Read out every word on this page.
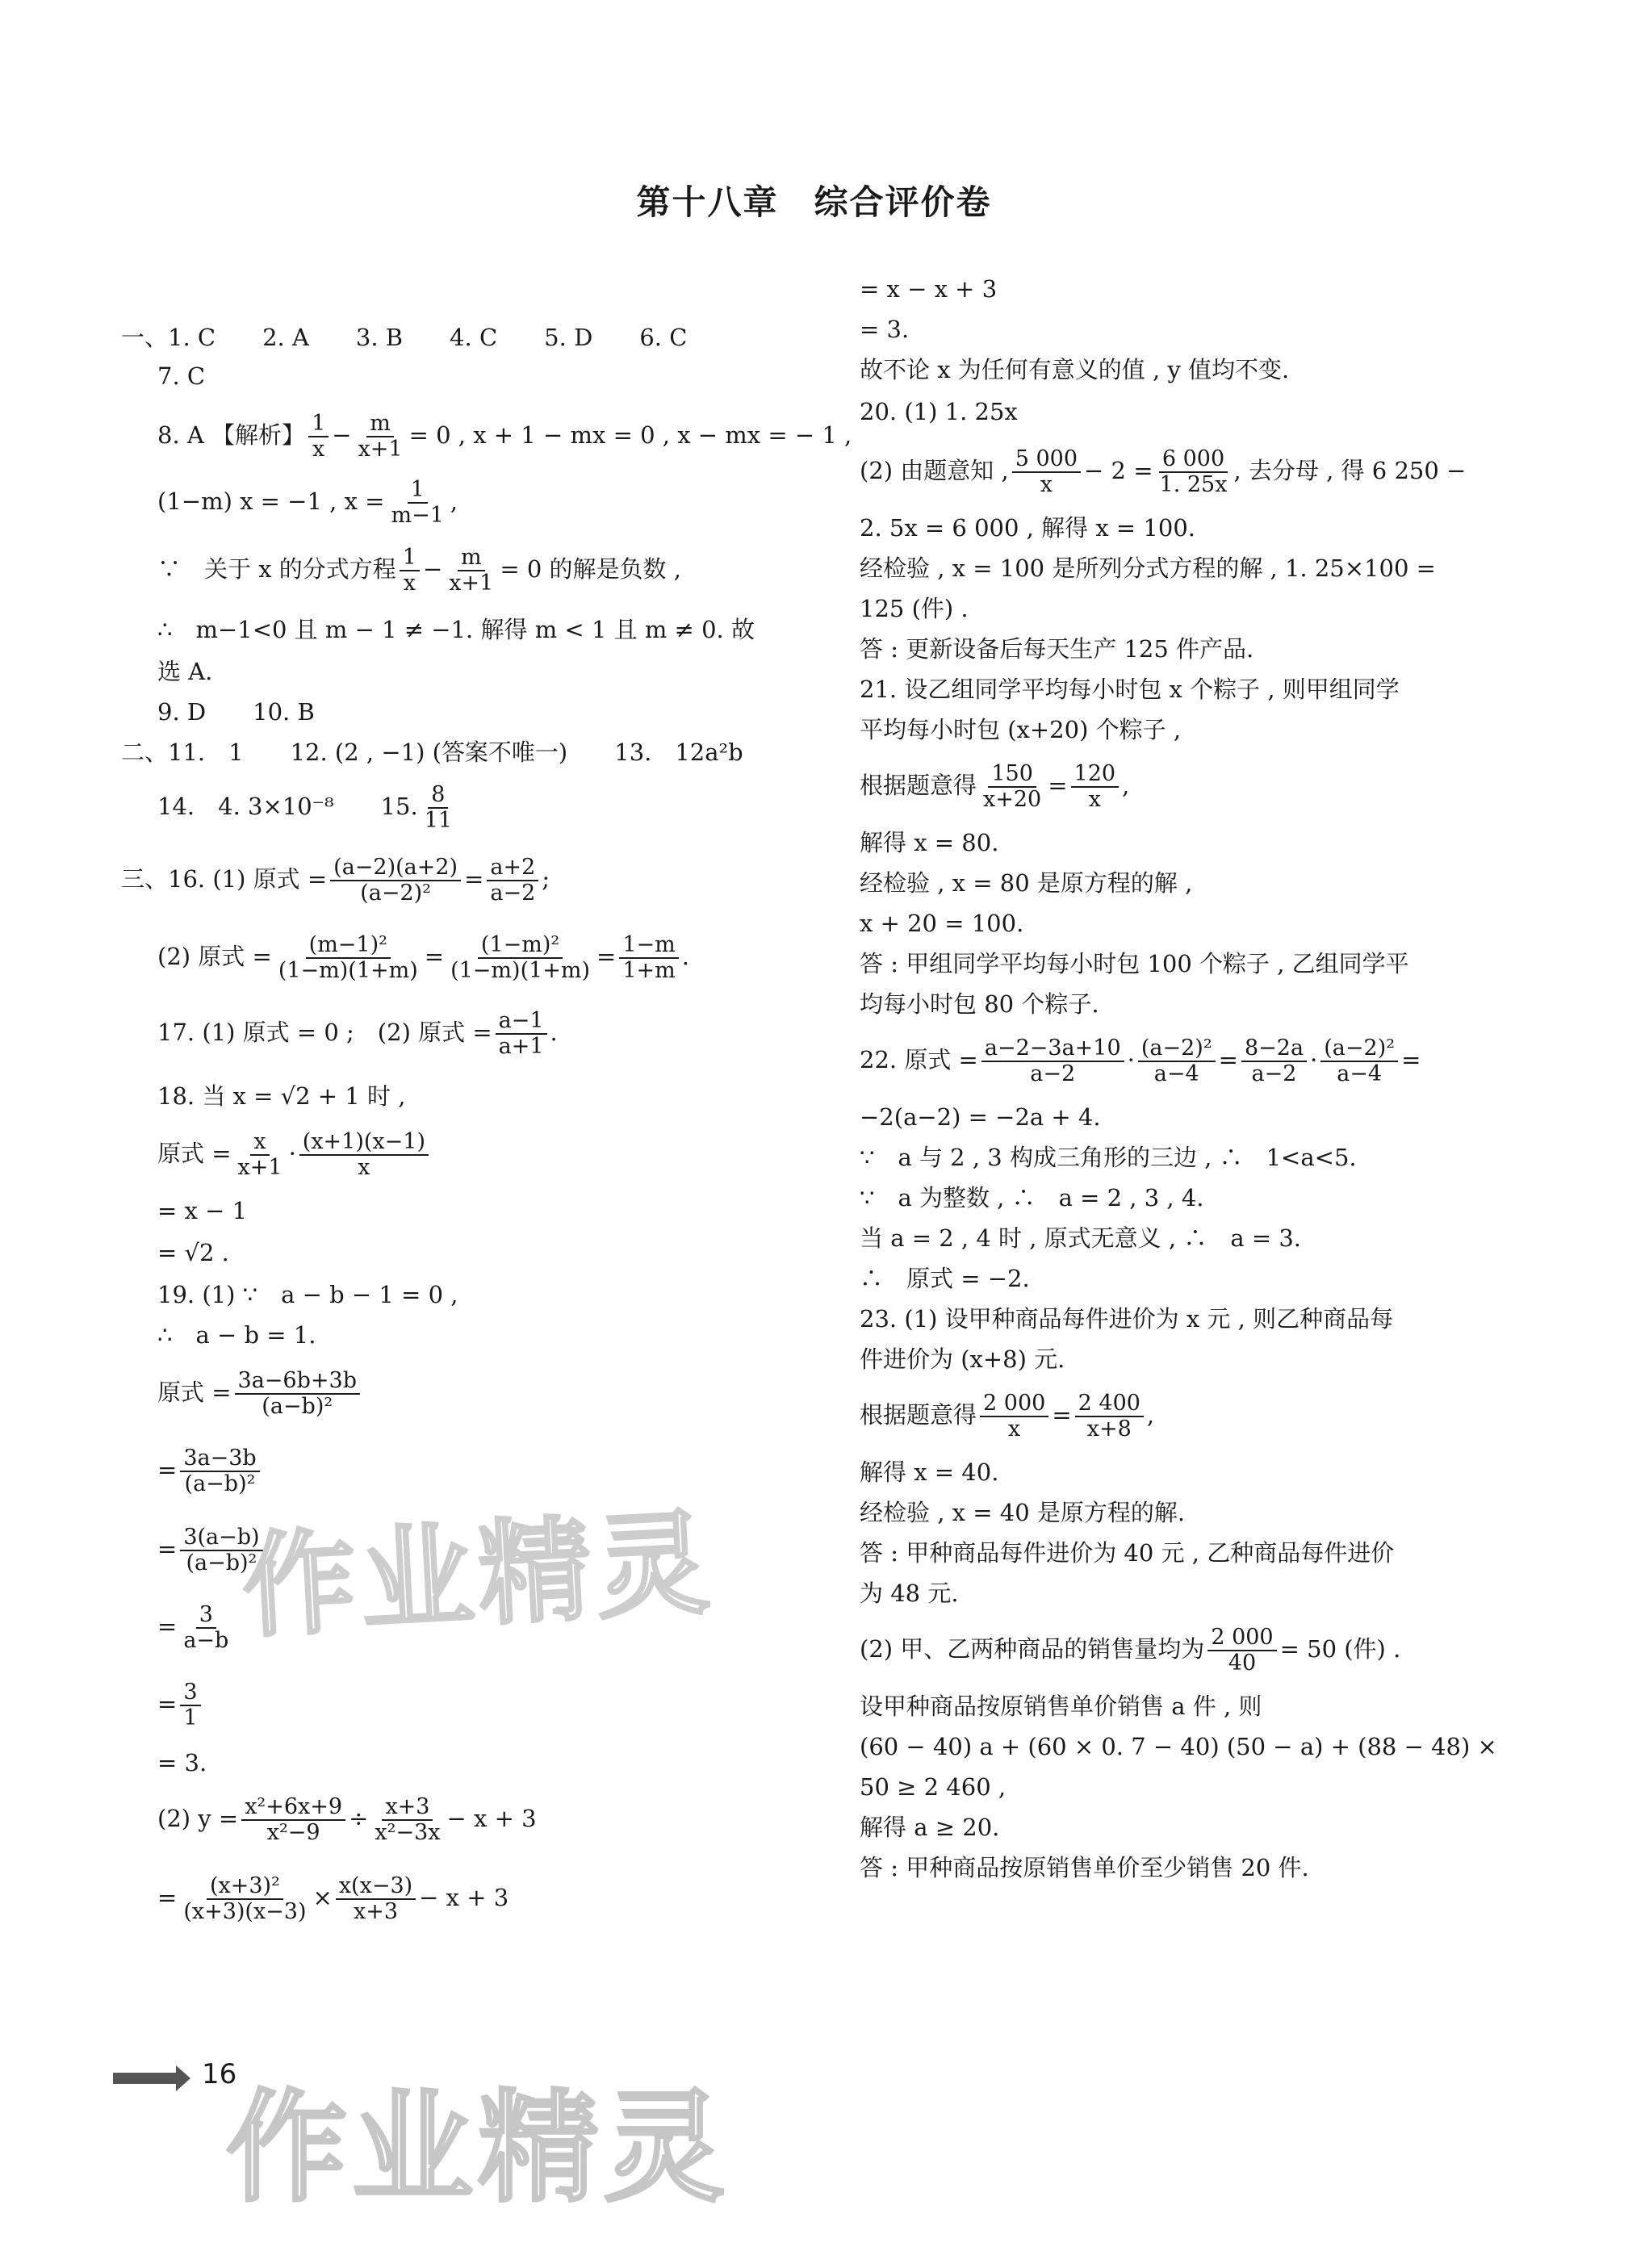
第十八章　综合评价卷
一、1. C　　2. A　　3. B　　4. C　　5. D　　6. C
7. C
8. A 【解析】 $\frac{1}{x} - \frac{m}{x+1} = 0$ , x + 1 − mx = 0 , x − mx = − 1 ,
(1−m) x = −1 , $x = \frac{1}{m-1}$ ,
∵　关于 x 的分式方程 $\frac{1}{x} - \frac{m}{x+1} = 0$ 的解是负数 ,
∴　m−1<0 且 m − 1 ≠ −1. 解得 m < 1 且 m ≠ 0. 故
选 A.
9. D　　10. B
二、11.　1　　12. (2 , −1) (答案不唯一)　　13.　12a²b
14.　4. 3×10⁻⁸　　15. $\frac{8}{11}$
三、16. (1) 原式 = $\frac{(a-2)(a+2)}{\text{(a−2)²}} = \frac{a+2}{a-2}$ ;
(2) 原式 = $\frac{\text{(m−1)²}}{(1-m)(1+m)} = \frac{\text{(1−m)²}}{(1-m)(1+m)} = \frac{1-m}{1+m}$ .
17. (1) 原式 = 0 ;　(2) 原式 = $\frac{a-1}{a+1}$ .
18. 当 x = √2 + 1 时 ,
原式 = $\frac{x}{x+1} \cdot \frac{(x+1)(x-1)}{x}$
= x − 1
= √2 .
19. (1) ∵　a − b − 1 = 0 ,
∴　a − b = 1.
原式 = $\frac{3a-6b+3b}{\text{(a−b)²}}$
= $\frac{3a-3b}{\text{(a−b)²}}$
= $\frac{3(a-b)}{\text{(a−b)²}}$
= $\frac{3}{a-b}$
= $\frac{3}{1}$
= 3.
(2) $y = \frac{\text{x²+6x+9}}{\text{x²−9}} \div \frac{x+3}{\text{x²−3x}} - x + 3$
= $\frac{\text{(x+3)²}}{(x+3)(x-3)} \times \frac{x(x-3)}{x+3} - x + 3$
= x − x + 3
= 3.
故不论 x 为任何有意义的值 , y 值均不变.
20. (1) 1. 25x
(2) 由题意知 , $\frac{5 000}{x} - 2 = \frac{6 000}{1. 25x}$ , 去分母 , 得 6 250 −
2. 5x = 6 000 , 解得 x = 100.
经检验 , x = 100 是所列分式方程的解 , 1. 25×100 =
125 (件) .
答 : 更新设备后每天生产 125 件产品.
21. 设乙组同学平均每小时包 x 个粽子 , 则甲组同学
平均每小时包 (x+20) 个粽子 ,
根据题意得 $\frac{150}{x+20} = \frac{120}{x}$ ,
解得 x = 80.
经检验 , x = 80 是原方程的解 ,
x + 20 = 100.
答 : 甲组同学平均每小时包 100 个粽子 , 乙组同学平
均每小时包 80 个粽子.
22. 原式 = $\frac{a-2-3a+10}{a-2} \cdot \frac{\text{(a−2)²}}{a-4} = \frac{8-2a}{a-2} \cdot \frac{\text{(a−2)²}}{a-4}$ =
−2(a−2) = −2a + 4.
∵　a 与 2 , 3 构成三角形的三边 , ∴　1<a<5.
∵　a 为整数 , ∴　a = 2 , 3 , 4.
当 a = 2 , 4 时 , 原式无意义 , ∴　a = 3.
∴　原式 = −2.
23. (1) 设甲种商品每件进价为 x 元 , 则乙种商品每
件进价为 (x+8) 元.
根据题意得 $\frac{2 000}{x} = \frac{2 400}{x+8}$ ,
解得 x = 40.
经检验 , x = 40 是原方程的解.
答 : 甲种商品每件进价为 40 元 , 乙种商品每件进价
为 48 元.
(2) 甲、乙两种商品的销售量均为 $\frac{2 000}{40} = 50$ (件) .
设甲种商品按原销售单价销售 a 件 , 则
(60 − 40) a + (60 × 0. 7 − 40) (50 − a) + (88 − 48) ×
50 ≥ 2 460 ,
解得 a ≥ 20.
答 : 甲种商品按原销售单价至少销售 20 件.
作业精灵
作业精灵
16
